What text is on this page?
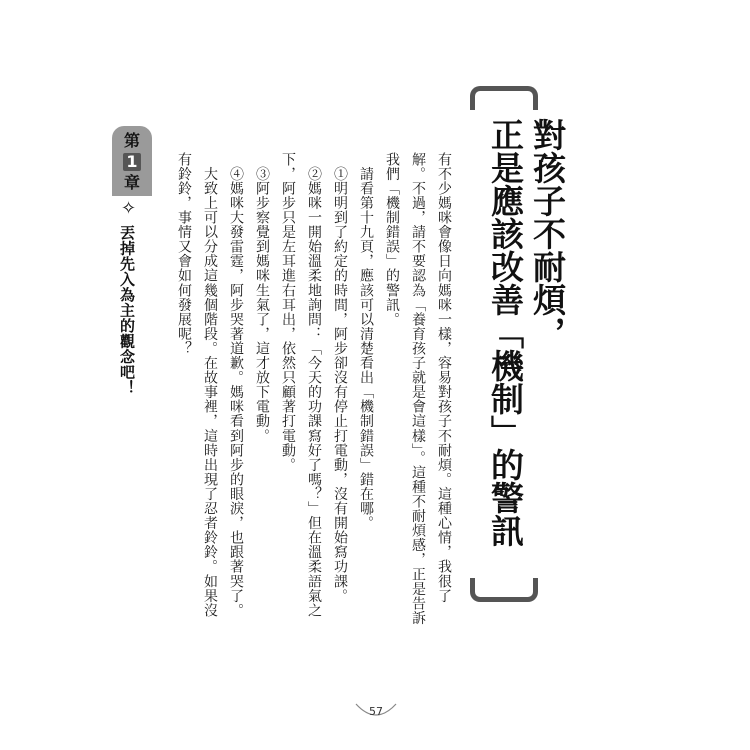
對孩子不耐煩，
正是應該改善「機制」的警訊
有不少媽咪會像日向媽咪一樣，容易對孩子不耐煩。這種心情，我很了
解。不過，請不要認為「養育孩子就是會這樣」。這種不耐煩感，正是告訴
我們「機制錯誤」的警訊。
　請看第十九頁，應該可以清楚看出「機制錯誤」錯在哪。
　①明明到了約定的時間，阿步卻沒有停止打電動，沒有開始寫功課。
　②媽咪一開始溫柔地詢問：「今天的功課寫好了嗎？」但在溫柔語氣之
下，阿步只是左耳進右耳出，依然只顧著打電動。
　③阿步察覺到媽咪生氣了，這才放下電動。
　④媽咪大發雷霆，阿步哭著道歉。媽咪看到阿步的眼淚，也跟著哭了。
　大致上可以分成這幾個階段。在故事裡，這時出現了忍者鈴鈴。如果沒
有鈴鈴，事情又會如何發展呢？
第
1
章
✧
丟掉先入為主的觀念吧！
57
